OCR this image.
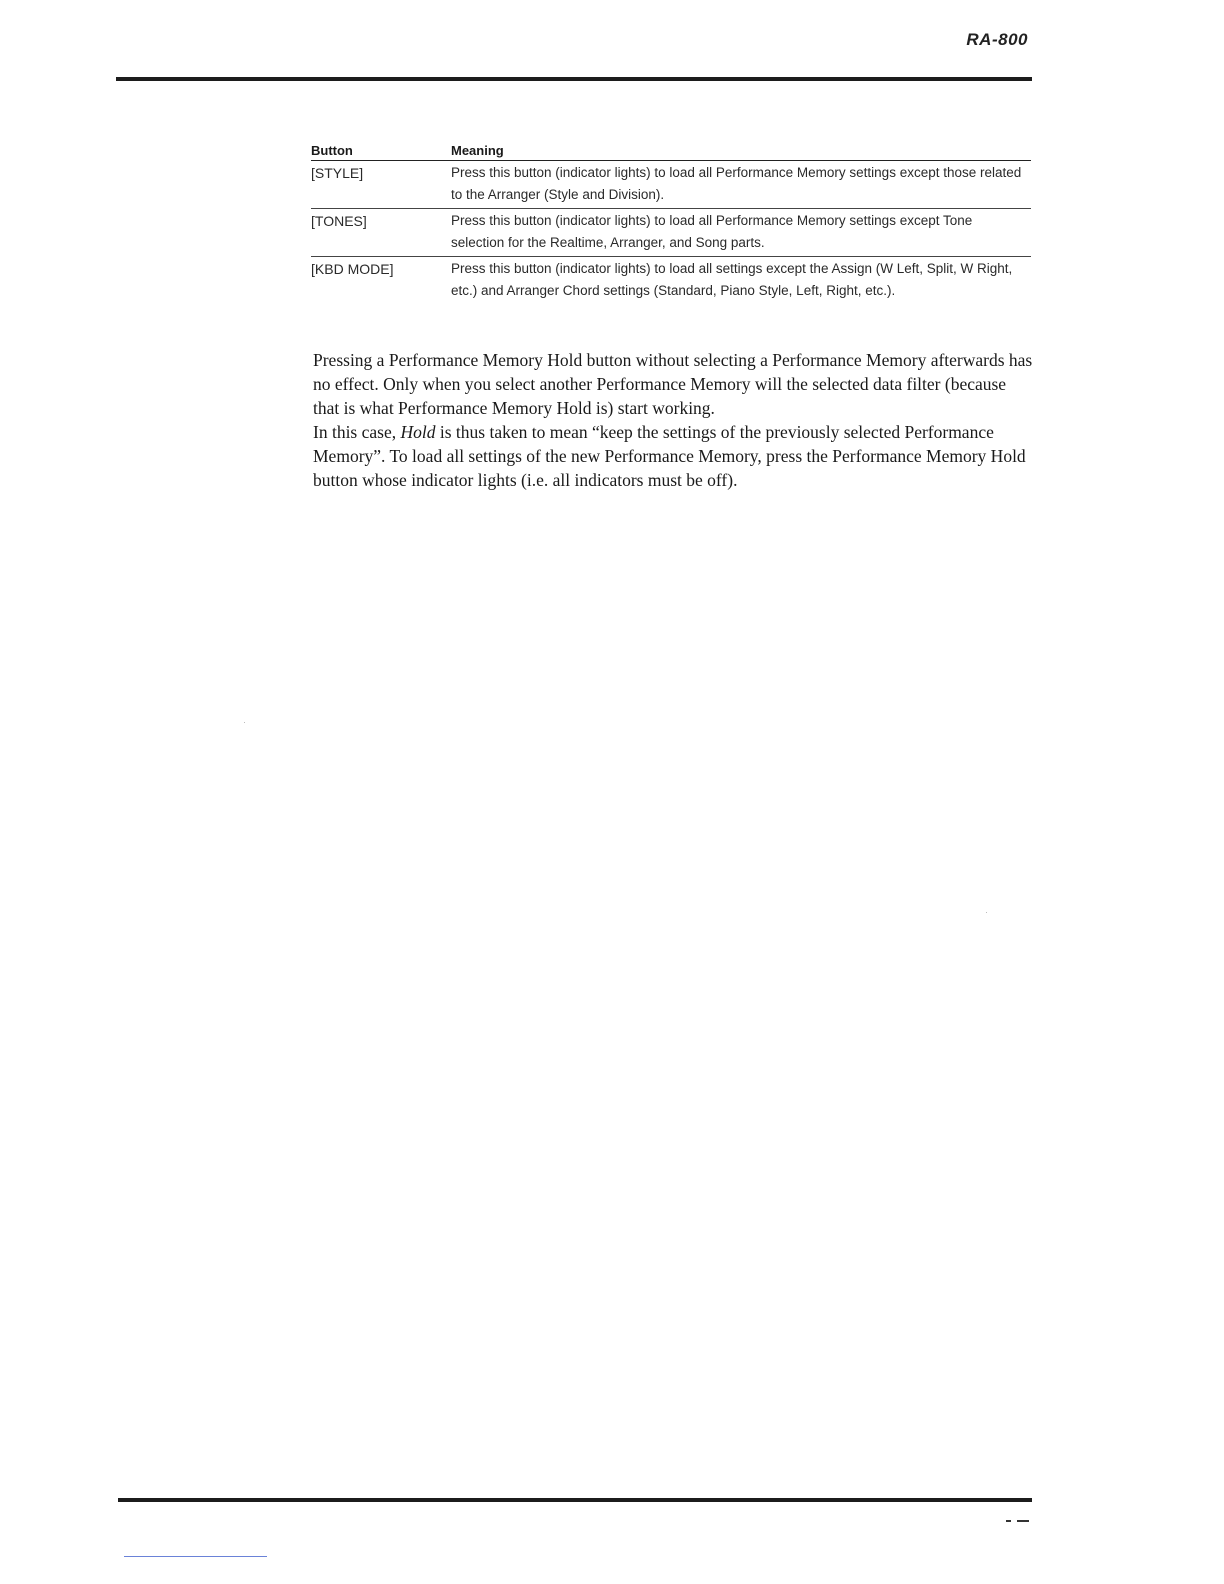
RA-800
Button	Meaning
[STYLE]	Press this button (indicator lights) to load all Performance Memory settings except those related to the Arranger (Style and Division).
[TONES]	Press this button (indicator lights) to load all Performance Memory settings except Tone selection for the Realtime, Arranger, and Song parts.
[KBD MODE]	Press this button (indicator lights) to load all settings except the Assign (W Left, Split, W Right, etc.) and Arranger Chord settings (Standard, Piano Style, Left, Right, etc.).

Pressing a Performance Memory Hold button without selecting a Performance Memory afterwards has no effect. Only when you select another Performance Memory will the selected data filter (because that is what Performance Memory Hold is) start working.

In this case, Hold is thus taken to mean “keep the settings of the previously selected Performance Memory”. To load all settings of the new Performance Memory, press the Performance Memory Hold button whose indicator lights (i.e. all indicators must be off).
